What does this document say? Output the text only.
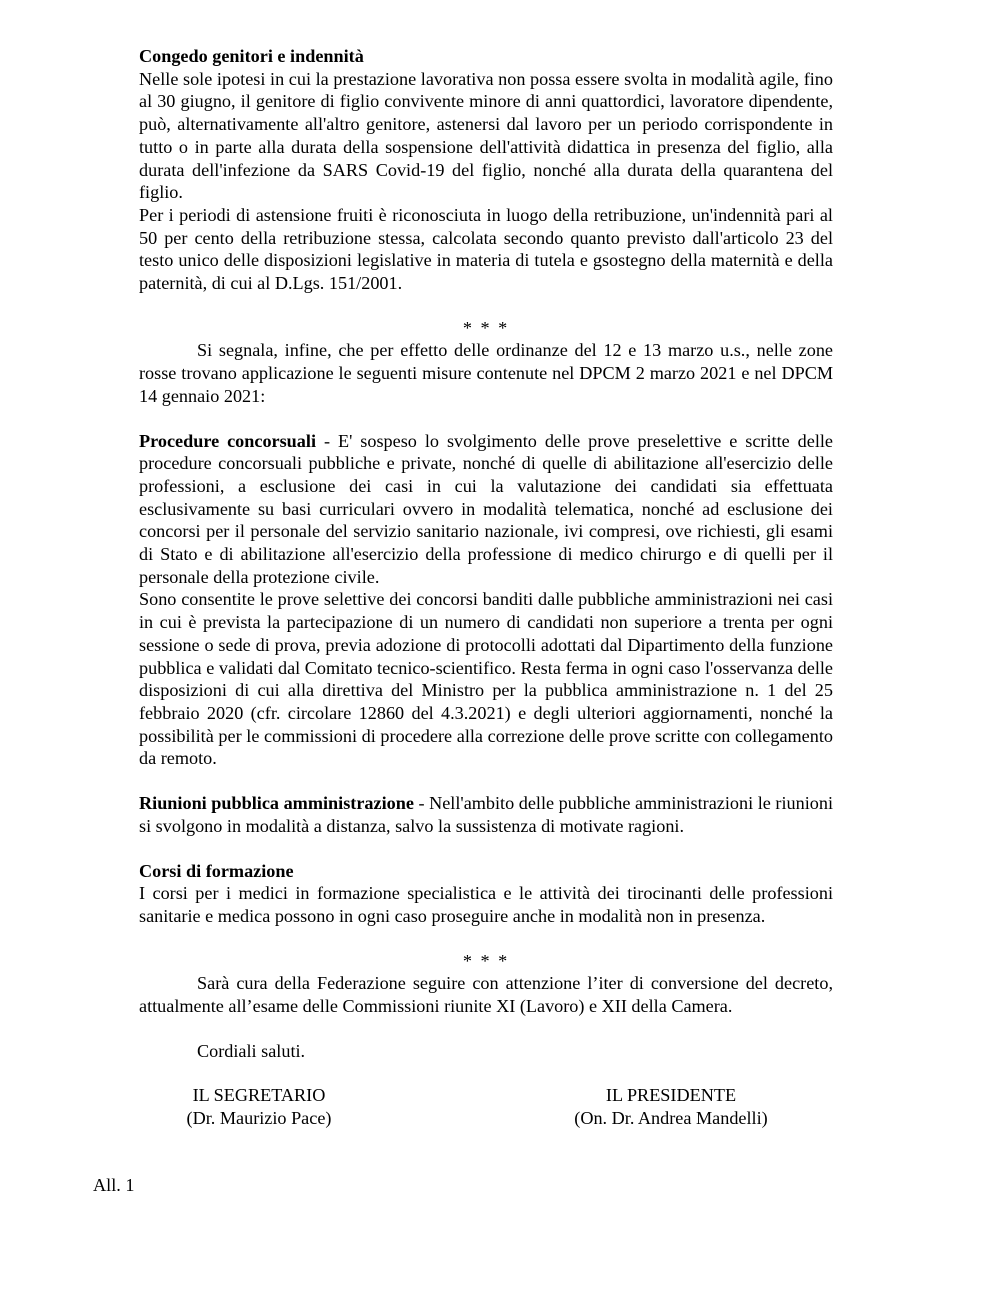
Congedo genitori e indennità

Nelle sole ipotesi in cui la prestazione lavorativa non possa essere svolta in modalità agile, fino al 30 giugno, il genitore di figlio convivente minore di anni quattordici, lavoratore dipendente, può, alternativamente all'altro genitore, astenersi dal lavoro per un periodo corrispondente in tutto o in parte alla durata della sospensione dell'attività didattica in presenza del figlio, alla durata dell'infezione da SARS Covid-19 del figlio, nonché alla durata della quarantena del figlio.

Per i periodi di astensione fruiti è riconosciuta in luogo della retribuzione, un'indennità pari al 50 per cento della retribuzione stessa, calcolata secondo quanto previsto dall'articolo 23 del testo unico delle disposizioni legislative in materia di tutela e gsostegno della maternità e della paternità, di cui al D.Lgs. 151/2001.

* * *

Si segnala, infine, che per effetto delle ordinanze del 12 e 13 marzo u.s., nelle zone rosse trovano applicazione le seguenti misure contenute nel DPCM 2 marzo 2021 e nel DPCM 14 gennaio 2021:

Procedure concorsuali - E' sospeso lo svolgimento delle prove preselettive e scritte delle procedure concorsuali pubbliche e private, nonché di quelle di abilitazione all'esercizio delle professioni, a esclusione dei casi in cui la valutazione dei candidati sia effettuata esclusivamente su basi curriculari ovvero in modalità telematica, nonché ad esclusione dei concorsi per il personale del servizio sanitario nazionale, ivi compresi, ove richiesti, gli esami di Stato e di abilitazione all'esercizio della professione di medico chirurgo e di quelli per il personale della protezione civile.

Sono consentite le prove selettive dei concorsi banditi dalle pubbliche amministrazioni nei casi in cui è prevista la partecipazione di un numero di candidati non superiore a trenta per ogni sessione o sede di prova, previa adozione di protocolli adottati dal Dipartimento della funzione pubblica e validati dal Comitato tecnico-scientifico. Resta ferma in ogni caso l'osservanza delle disposizioni di cui alla direttiva del Ministro per la pubblica amministrazione n. 1 del 25 febbraio 2020 (cfr. circolare 12860 del 4.3.2021) e degli ulteriori aggiornamenti, nonché la possibilità per le commissioni di procedere alla correzione delle prove scritte con collegamento da remoto.

Riunioni pubblica amministrazione - Nell'ambito delle pubbliche amministrazioni le riunioni si svolgono in modalità a distanza, salvo la sussistenza di motivate ragioni.

Corsi di formazione

I corsi per i medici in formazione specialistica e le attività dei tirocinanti delle professioni sanitarie e medica possono in ogni caso proseguire anche in modalità non in presenza.

* * *

Sarà cura della Federazione seguire con attenzione l’iter di conversione del decreto, attualmente all’esame delle Commissioni riunite XI (Lavoro) e XII della Camera.

Cordiali saluti.

IL SEGRETARIO
(Dr. Maurizio Pace)
IL PRESIDENTE
(On. Dr. Andrea Mandelli)
All. 1
